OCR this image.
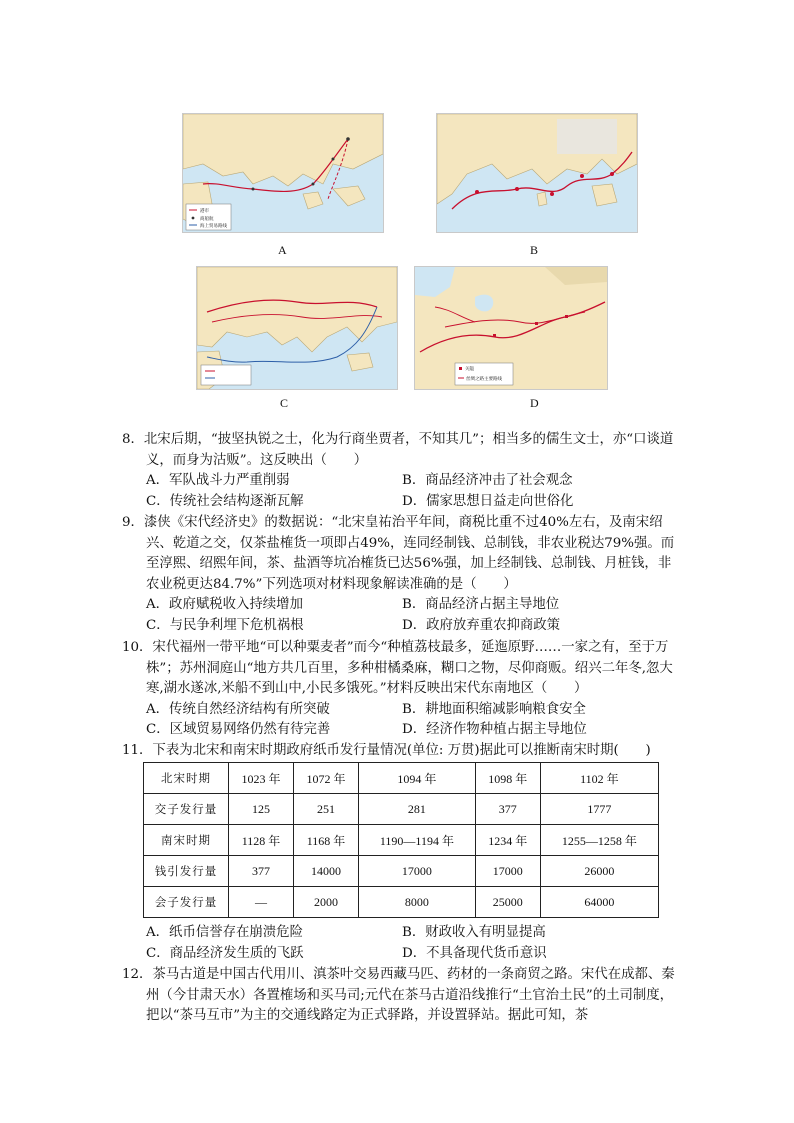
港市
商船航
海上贸易路线
A	B
C
关隘
丝绸之路主要路线
D

8．北宋后期，“披坚执锐之士，化为行商坐贾者，不知其几”；相当多的儒生文士，亦“口谈道义，而身为沽贩”。这反映出（　　）

A．军队战斗力严重削弱	B．商品经济冲击了社会观念
C．传统社会结构逐渐瓦解	D．儒家思想日益走向世俗化

9．漆侠《宋代经济史》的数据说：“北宋皇祐治平年间，商税比重不过40%左右，及南宋绍兴、乾道之交，仅茶盐榷货一项即占49%，连同经制钱、总制钱，非农业税达79%强。而至淳熙、绍熙年间，茶、盐酒等坑冶榷货已达56%强，加上经制钱、总制钱、月桩钱，非农业税更达84.7%”下列选项对材料现象解读准确的是（　　）

A．政府赋税收入持续增加	B．商品经济占据主导地位
C．与民争利埋下危机祸根	D．政府放弃重农抑商政策

10．宋代福州一带平地“可以种粟麦者”而今“种植荔枝最多，延迤原野……一家之有，至于万株”；苏州洞庭山“地方共几百里，多种柑橘桑麻，糊口之物，尽仰商贩。绍兴二年冬,忽大寒,湖水遂冰,米船不到山中,小民多饿死。”材料反映出宋代东南地区（　　）

A．传统自然经济结构有所突破	B．耕地面积缩减影响粮食安全
C．区域贸易网络仍然有待完善	D．经济作物种植占据主导地位

11．下表为北宋和南宋时期政府纸币发行量情况(单位: 万贯)据此可以推断南宋时期(　　)

北宋时期	1023 年	1072 年	1094 年	1098 年	1102 年
交子发行量	125	251	281	377	1777
南宋时期	1128 年	1168 年	1190—1194 年	1234 年	1255—1258 年
钱引发行量	377	14000	17000	17000	26000
会子发行量	—	2000	8000	25000	64000
A．纸币信誉存在崩溃危险	B．财政收入有明显提高
C．商品经济发生质的飞跃	D．不具备现代货币意识

12．茶马古道是中国古代用川、滇茶叶交易西藏马匹、药材的一条商贸之路。宋代在成都、秦州（今甘肃天水）各置榷场和买马司;元代在茶马古道沿线推行“土官治土民”的土司制度，把以“茶马互市”为主的交通线路定为正式驿路，并设置驿站。据此可知，茶
